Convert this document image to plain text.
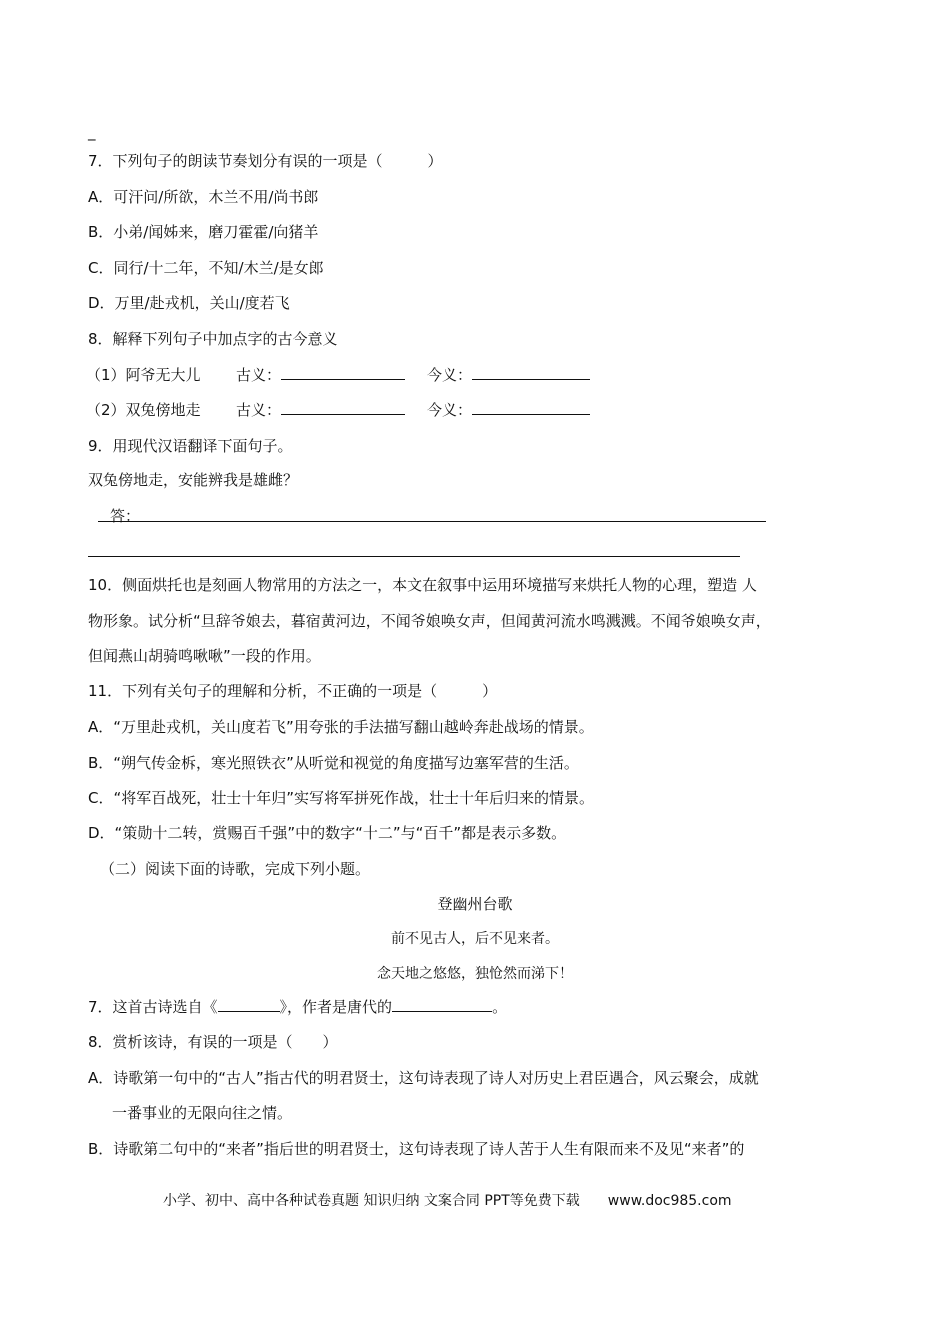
_
7．下列句子的朗读节奏划分有误的一项是（　　　）
A．可汗问/所欲，木兰不用/尚书郎
B．小弟/闻姊来，磨刀霍霍/向猪羊
C．同行/十二年，不知/木兰/是女郎
D．万里/赴戎机，关山/度若飞
8．解释下列句子中加点字的古今意义
（1）阿爷无大儿 古义：	今义：
（2）双兔傍地走 古义：	今义：
9．用现代汉语翻译下面句子。
双兔傍地走，安能辨我是雄雌？
答：
10．侧面烘托也是刻画人物常用的方法之一，本文在叙事中运用环境描写来烘托人物的心理，塑造 人
物形象。试分析“旦辞爷娘去，暮宿黄河边，不闻爷娘唤女声，但闻黄河流水鸣溅溅。不闻爷娘唤女声，
但闻燕山胡骑鸣啾啾”一段的作用。
11．下列有关句子的理解和分析，不正确的一项是（　　　）
A．“万里赴戎机，关山度若飞”用夸张的手法描写翻山越岭奔赴战场的情景。
B．“朔气传金柝，寒光照铁衣”从听觉和视觉的角度描写边塞军营的生活。
C．“将军百战死，壮士十年归”实写将军拼死作战，壮士十年后归来的情景。
D．“策勋十二转，赏赐百千强”中的数字“十二”与“百千”都是表示多数。
（二）阅读下面的诗歌，完成下列小题。
登幽州台歌
前不见古人，后不见来者。
念天地之悠悠，独怆然而涕下！
7．这首古诗选自《	》，作者是唐代的	。
8．赏析该诗，有误的一项是（　　）
A．诗歌第一句中的“古人”指古代的明君贤士，这句诗表现了诗人对历史上君臣遇合，风云聚会，成就
一番事业的无限向往之情。
B．诗歌第二句中的“来者”指后世的明君贤士，这句诗表现了诗人苦于人生有限而来不及见“来者”的
小学、初中、高中各种试卷真题 知识归纳 文案合同 PPT等免费下载 www.doc985.com
